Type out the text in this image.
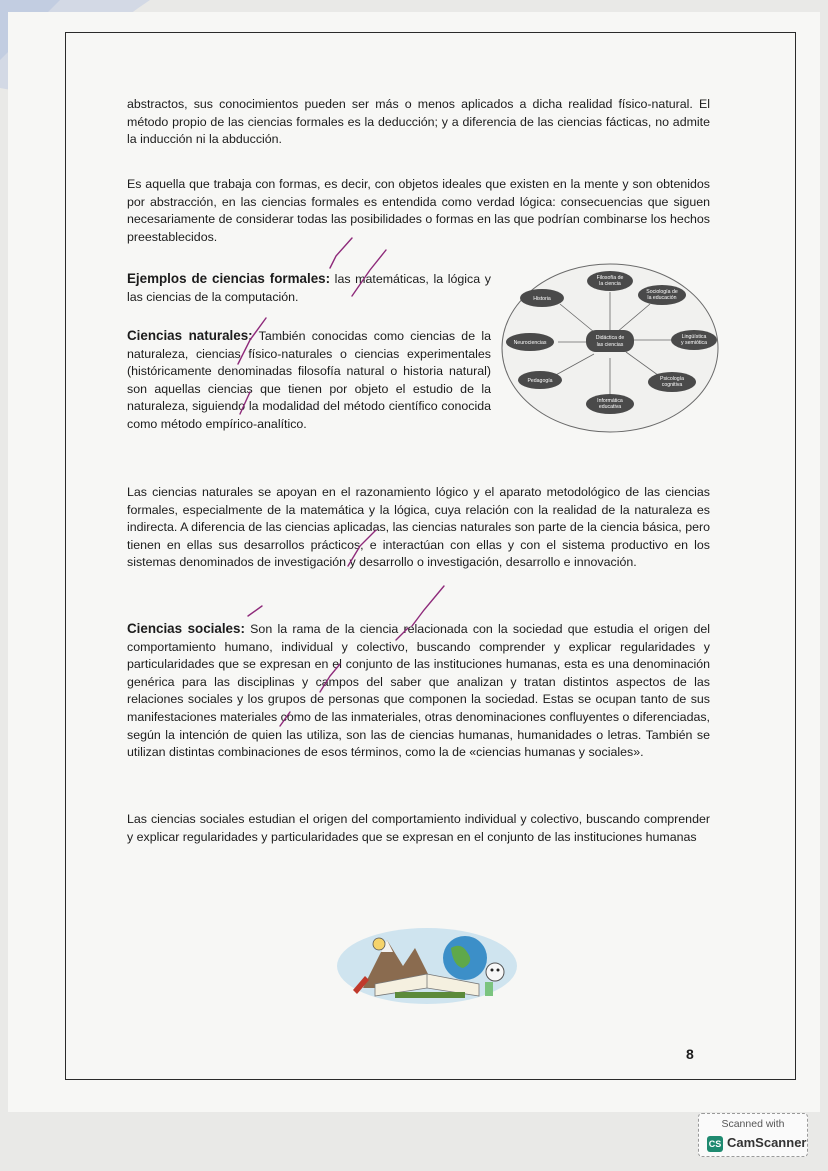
abstractos, sus conocimientos pueden ser más o menos aplicados a dicha realidad físico-natural. El método propio de las ciencias formales es la deducción; y a diferencia de las ciencias fácticas, no admite la inducción ni la abducción.

Es aquella que trabaja con formas, es decir, con objetos ideales que existen en la mente y son obtenidos por abstracción, en las ciencias formales es entendida como verdad lógica: consecuencias que siguen necesariamente de considerar todas las posibilidades o formas en las que podrían combinarse los hechos preestablecidos.

Ejemplos de ciencias formales: las matemáticas, la lógica y las ciencias de la computación.

Ciencias naturales: También conocidas como ciencias de la naturaleza, ciencias físico-naturales o ciencias experimentales (históricamente denominadas filosofía natural o historia natural) son aquellas ciencias que tienen por objeto el estudio de la naturaleza, siguiendo la modalidad del método científico conocida como método empírico-analítico.

Didáctica de
las ciencias
Filosofía de
la ciencia
Sociología de
la educación
Lingüística
y semiótica
Psicología
cognitiva
Informática
educativa
Pedagogía
Neurociencias
Historia

Las ciencias naturales se apoyan en el razonamiento lógico y el aparato metodológico de las ciencias formales, especialmente de la matemática y la lógica, cuya relación con la realidad de la naturaleza es indirecta. A diferencia de las ciencias aplicadas, las ciencias naturales son parte de la ciencia básica, pero tienen en ellas sus desarrollos prácticos, e interactúan con ellas y con el sistema productivo en los sistemas denominados de investigación y desarrollo o investigación, desarrollo e innovación.

Ciencias sociales: Son la rama de la ciencia relacionada con la sociedad que estudia el origen del comportamiento humano, individual y colectivo, buscando comprender y explicar regularidades y particularidades que se expresan en el conjunto de las instituciones humanas, esta es una denominación genérica para las disciplinas y campos del saber que analizan y tratan distintos aspectos de las relaciones sociales y los grupos de personas que componen la sociedad. Estas se ocupan tanto de sus manifestaciones materiales como de las inmateriales, otras denominaciones confluyentes o diferenciadas, según la intención de quien las utiliza, son las de ciencias humanas, humanidades o letras. También se utilizan distintas combinaciones de esos términos, como la de «ciencias humanas y sociales».

Las ciencias sociales estudian el origen del comportamiento individual y colectivo, buscando comprender y explicar regularidades y particularidades que se expresan en el conjunto de las instituciones humanas

8
Scanned with
CS CamScanner
